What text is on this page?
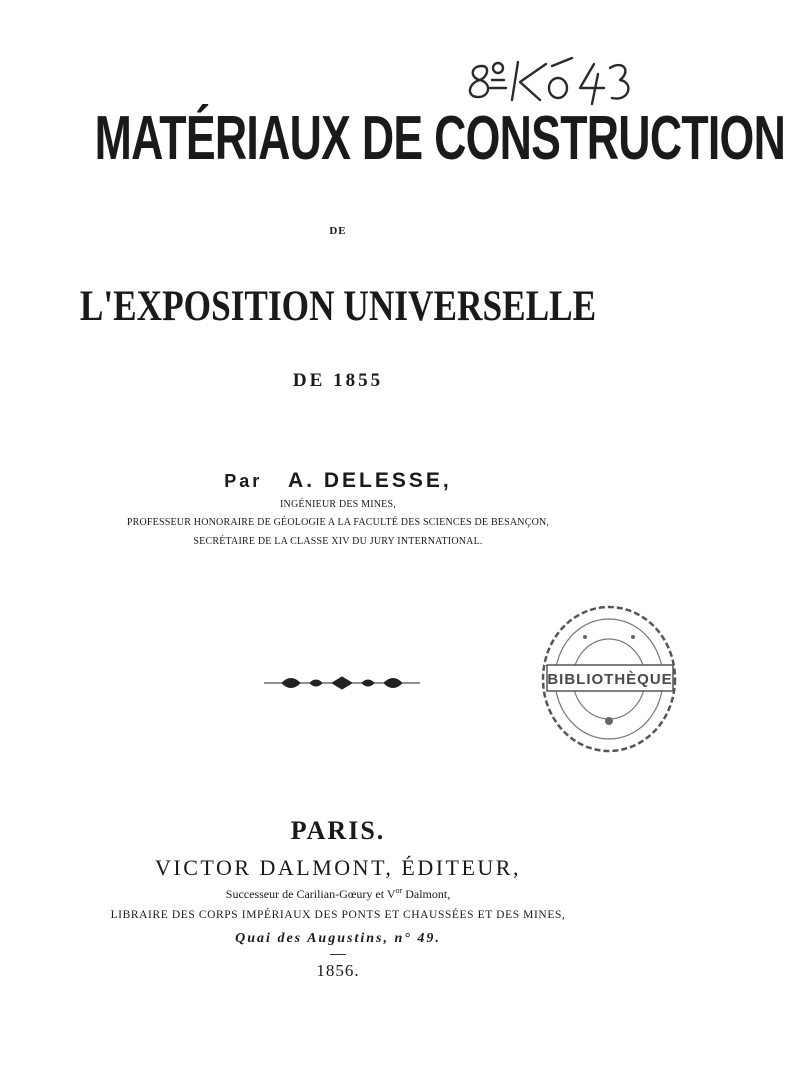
MATÉRIAUX DE CONSTRUCTION
DE
L'EXPOSITION UNIVERSELLE
DE 1855
Par A. DELESSE,
INGÉNIEUR DES MINES,
PROFESSEUR HONORAIRE DE GÉOLOGIE A LA FACULTÉ DES SCIENCES DE BESANÇON,
SECRÉTAIRE DE LA CLASSE XIV DU JURY INTERNATIONAL.
BIBLIOTHÈQUE
PARIS.
VICTOR DALMONT, ÉDITEUR,
Successeur de Carilian-Gœury et $V^{or}$ Dalmont,
LIBRAIRE DES CORPS IMPÉRIAUX DES PONTS ET CHAUSSÉES ET DES MINES,
Quai des Augustins, n° 49.
1856.
